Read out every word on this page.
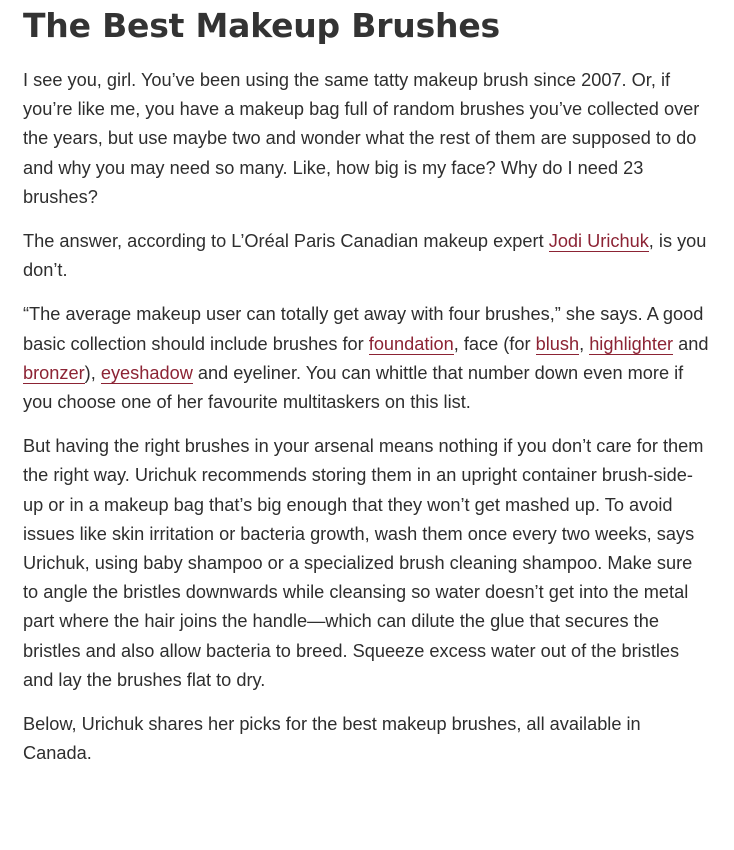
The Best Makeup Brushes

I see you, girl. You’ve been using the same tatty makeup brush since 2007. Or, if you’re like me, you have a makeup bag full of random brushes you’ve collected over the years, but use maybe two and wonder what the rest of them are supposed to do and why you may need so many. Like, how big is my face? Why do I need 23 brushes?

The answer, according to L’Oréal Paris Canadian makeup expert Jodi Urichuk, is you don’t.

“The average makeup user can totally get away with four brushes,” she says. A good basic collection should include brushes for foundation, face (for blush, highlighter and bronzer), eyeshadow and eyeliner. You can whittle that number down even more if you choose one of her favourite multitaskers on this list.

But having the right brushes in your arsenal means nothing if you don’t care for them the right way. Urichuk recommends storing them in an upright container brush-side-up or in a makeup bag that’s big enough that they won’t get mashed up. To avoid issues like skin irritation or bacteria growth, wash them once every two weeks, says Urichuk, using baby shampoo or a specialized brush cleaning shampoo. Make sure to angle the bristles downwards while cleansing so water doesn’t get into the metal part where the hair joins the handle—which can dilute the glue that secures the bristles and also allow bacteria to breed. Squeeze excess water out of the bristles and lay the brushes flat to dry.

Below, Urichuk shares her picks for the best makeup brushes, all available in Canada.
